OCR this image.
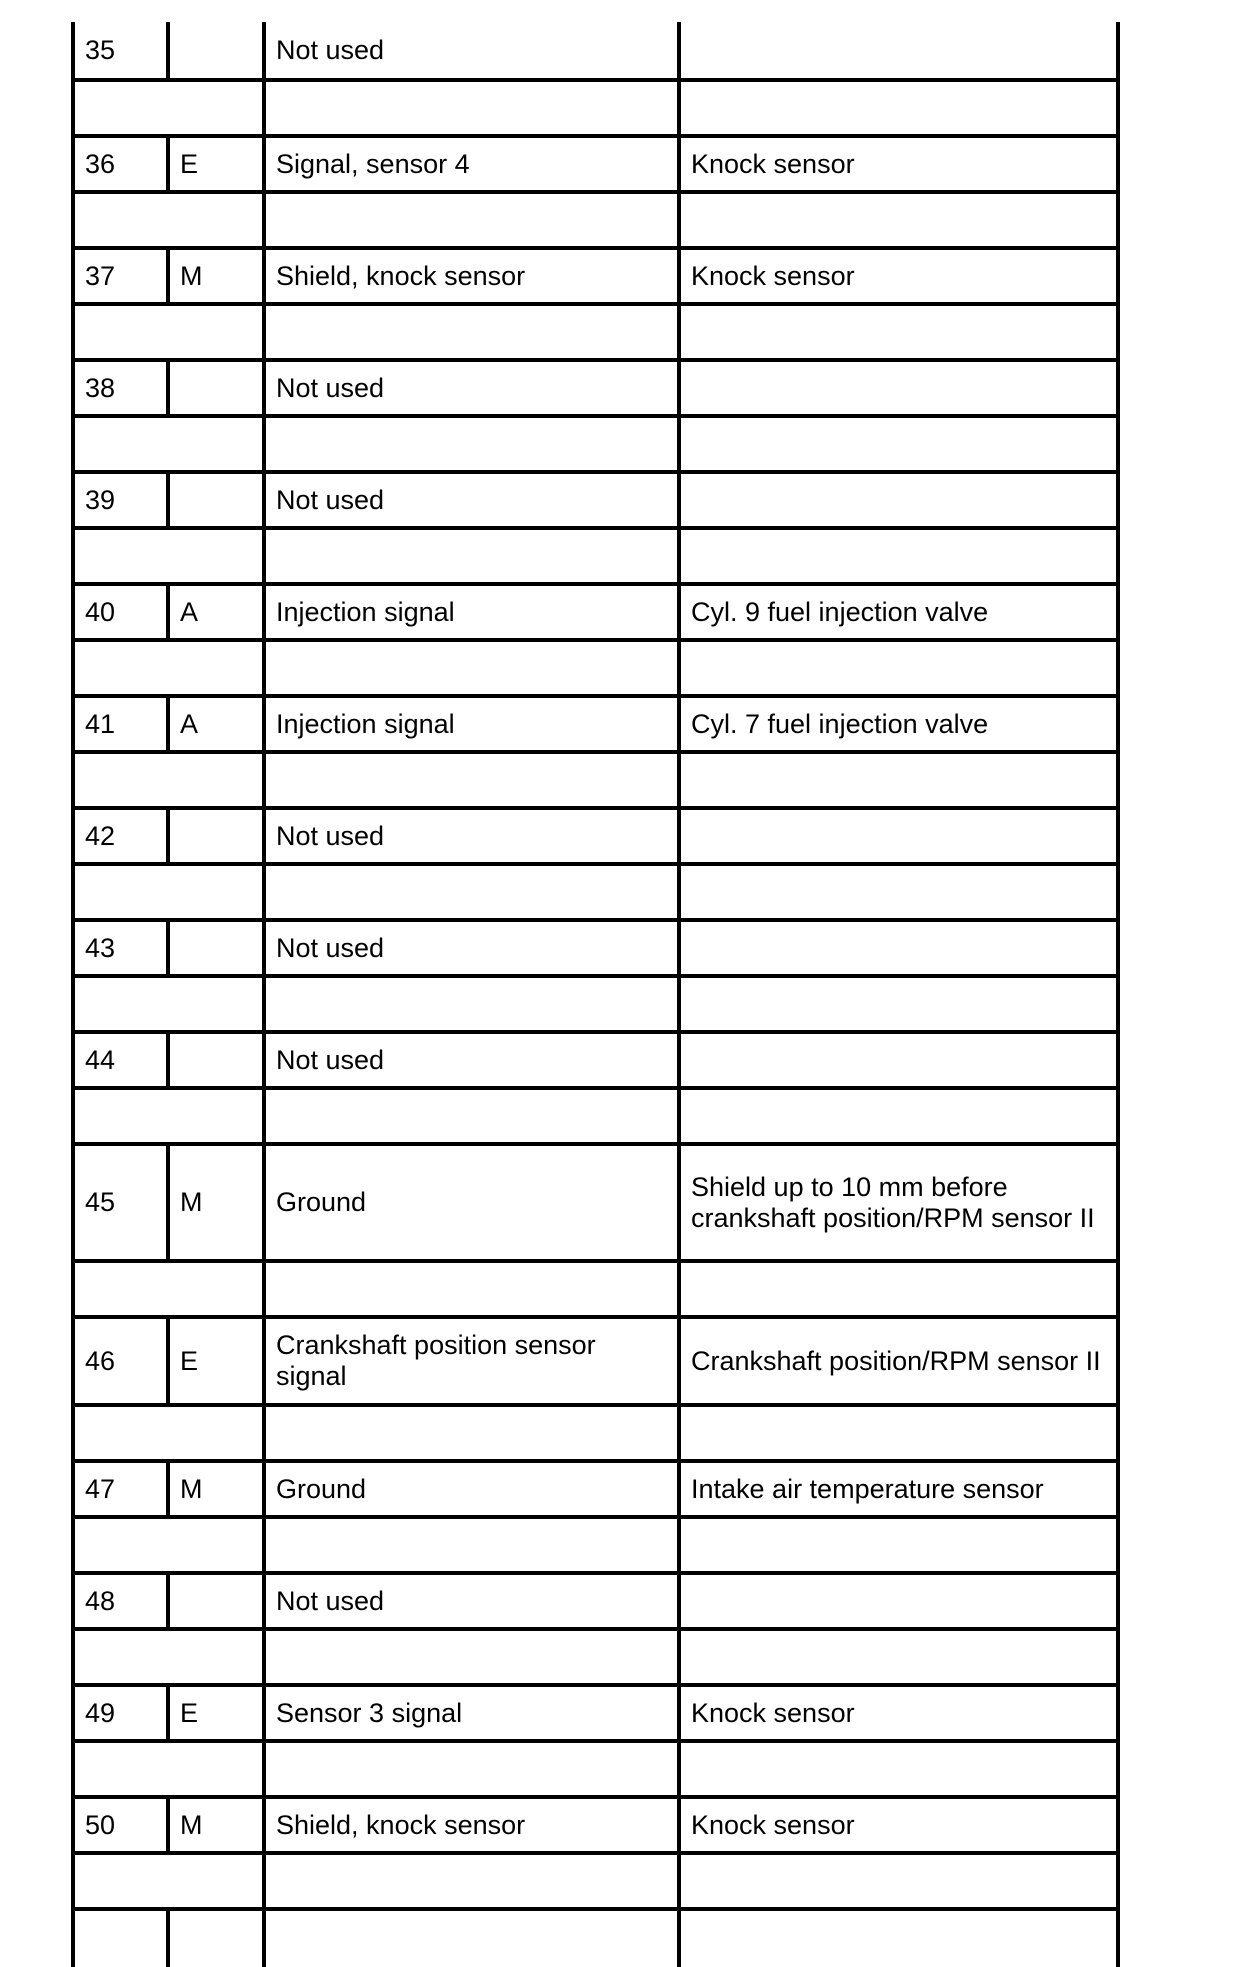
35		Not used	

36	E	Signal, sensor 4	Knock sensor

37	M	Shield, knock sensor	Knock sensor

38		Not used	

39		Not used	

40	A	Injection signal	Cyl. 9 fuel injection valve

41	A	Injection signal	Cyl. 7 fuel injection valve

42		Not used	

43		Not used	

44		Not used	

45	M	Ground	Shield up to 10 mm before crankshaft position/RPM sensor II

46	E	Crankshaft position sensor signal	Crankshaft position/RPM sensor II

47	M	Ground	Intake air temperature sensor

48		Not used	

49	E	Sensor 3 signal	Knock sensor

50	M	Shield, knock sensor	Knock sensor
